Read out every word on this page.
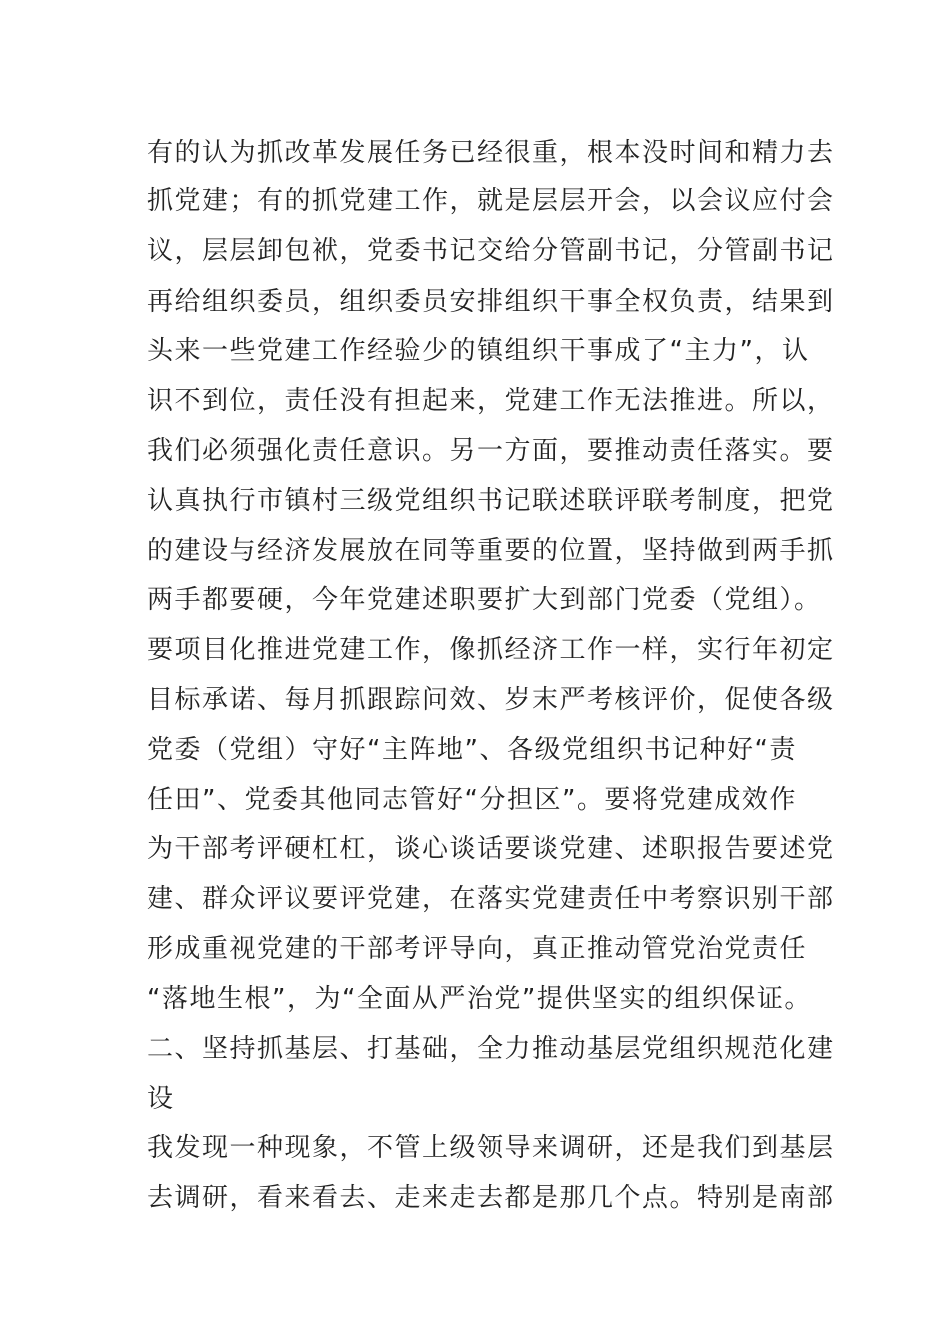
有的认为抓改革发展任务已经很重，根本没时间和精力去
抓党建；有的抓党建工作，就是层层开会，以会议应付会
议，层层卸包袱，党委书记交给分管副书记，分管副书记
再给组织委员，组织委员安排组织干事全权负责，结果到
头来一些党建工作经验少的镇组织干事成了“主力”，认
识不到位，责任没有担起来，党建工作无法推进。所以，
我们必须强化责任意识。另一方面，要推动责任落实。要
认真执行市镇村三级党组织书记联述联评联考制度，把党
的建设与经济发展放在同等重要的位置，坚持做到两手抓
两手都要硬，今年党建述职要扩大到部门党委（党组）。
要项目化推进党建工作，像抓经济工作一样，实行年初定
目标承诺、每月抓跟踪问效、岁末严考核评价，促使各级
党委（党组）守好“主阵地”、各级党组织书记种好“责
任田”、党委其他同志管好“分担区”。要将党建成效作
为干部考评硬杠杠，谈心谈话要谈党建、述职报告要述党
建、群众评议要评党建，在落实党建责任中考察识别干部
形成重视党建的干部考评导向，真正推动管党治党责任
“落地生根”，为“全面从严治党”提供坚实的组织保证。
二、坚持抓基层、打基础，全力推动基层党组织规范化建
设
我发现一种现象，不管上级领导来调研，还是我们到基层
去调研，看来看去、走来走去都是那几个点。特别是南部
